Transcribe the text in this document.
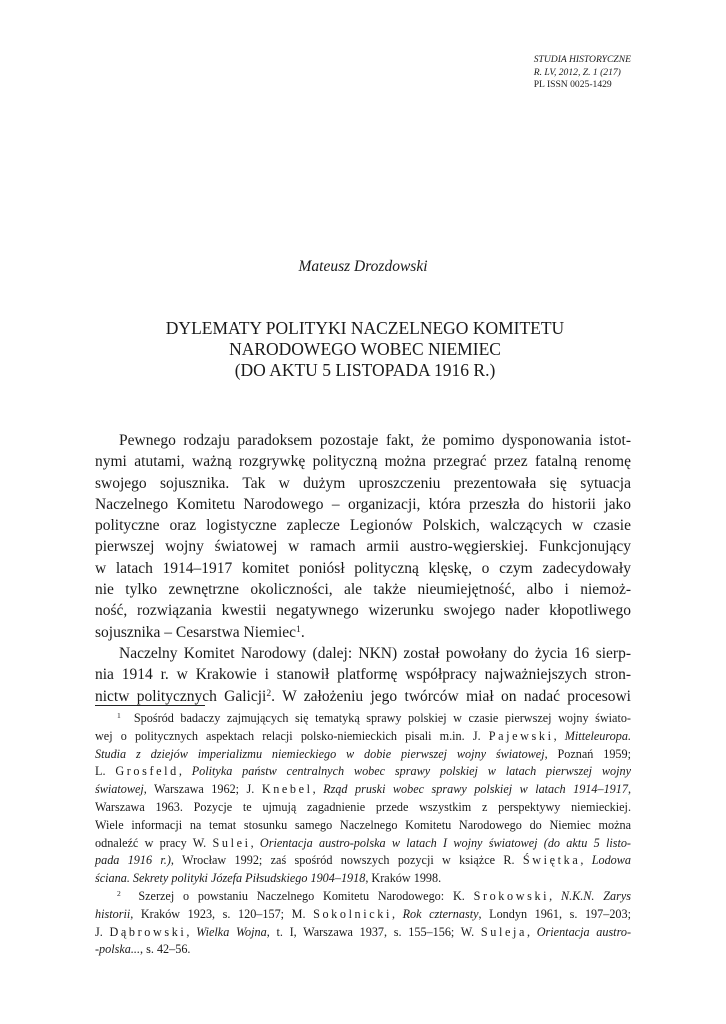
STUDIA HISTORYCZNE
R. LV, 2012, Z. 1 (217)
PL ISSN 0025-1429
Mateusz Drozdowski
DYLEMATY POLITYKI NACZELNEGO KOMITETU
NARODOWEGO WOBEC NIEMIEC
(DO AKTU 5 LISTOPADA 1916 R.)
Pewnego rodzaju paradoksem pozostaje fakt, że pomimo dysponowania istot-
nymi atutami, ważną rozgrywkę polityczną można przegrać przez fatalną renomę
swojego sojusznika. Tak w dużym uproszczeniu prezentowała się sytuacja
Naczelnego Komitetu Narodowego – organizacji, która przeszła do historii jako
polityczne oraz logistyczne zaplecze Legionów Polskich, walczących w czasie
pierwszej wojny światowej w ramach armii austro-węgierskiej. Funkcjonujący
w latach 1914–1917 komitet poniósł polityczną klęskę, o czym zadecydowały
nie tylko zewnętrzne okoliczności, ale także nieumiejętność, albo i niemoż-
ność, rozwiązania kwestii negatywnego wizerunku swojego nader kłopotliwego
sojusznika – Cesarstwa Niemiec$^1$.
Naczelny Komitet Narodowy (dalej: NKN) został powołany do życia 16 sierp-
nia 1914 r. w Krakowie i stanowił platformę współpracy najważniejszych stron-
nictw politycznych Galicji$^2$. W założeniu jego twórców miał on nadać procesowi
$^1$ Spośród badaczy zajmujących się tematyką sprawy polskiej w czasie pierwszej wojny świato-
wej o politycznych aspektach relacji polsko-niemieckich pisali m.in. J. Pajewski, Mitteleuropa.
Studia z dziejów imperializmu niemieckiego w dobie pierwszej wojny światowej, Poznań 1959;
L. Grosfeld, Polityka państw centralnych wobec sprawy polskiej w latach pierwszej wojny
światowej, Warszawa 1962; J. Knebel, Rząd pruski wobec sprawy polskiej w latach 1914–1917,
Warszawa 1963. Pozycje te ujmują zagadnienie przede wszystkim z perspektywy niemieckiej.
Wiele informacji na temat stosunku samego Naczelnego Komitetu Narodowego do Niemiec można
odnaleźć w pracy W. Sulei, Orientacja austro-polska w latach I wojny światowej (do aktu 5 listo-
pada 1916 r.), Wrocław 1992; zaś spośród nowszych pozycji w książce R. Świętka, Lodowa
ściana. Sekrety polityki Józefa Piłsudskiego 1904–1918, Kraków 1998.
$^2$ Szerzej o powstaniu Naczelnego Komitetu Narodowego: K. Srokowski, N.K.N. Zarys
historii, Kraków 1923, s. 120–157; M. Sokolnicki, Rok czternasty, Londyn 1961, s. 197–203;
J. Dąbrowski, Wielka Wojna, t. I, Warszawa 1937, s. 155–156; W. Suleja, Orientacja austro-
-polska..., s. 42–56.
